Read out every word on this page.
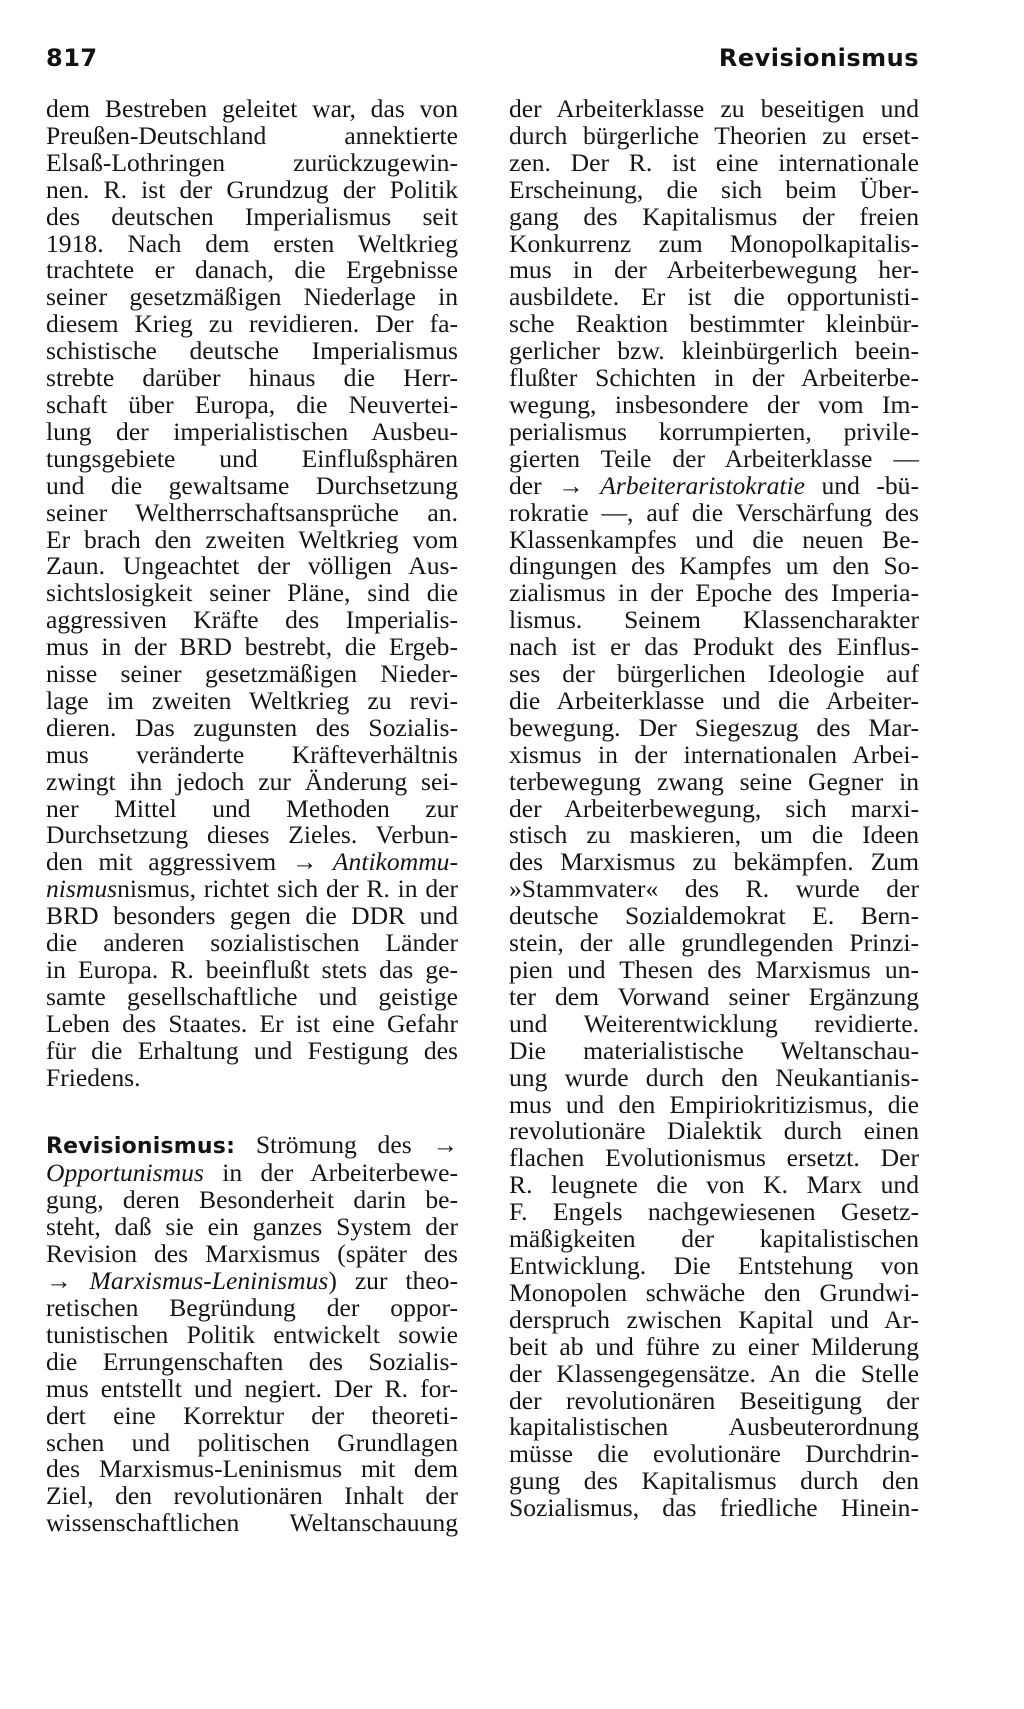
817	Revisionismus
dem Bestreben geleitet war, das von
Preußen-Deutschland annektierte
Elsaß-Lothringen zurückzugewin-
nen. R. ist der Grundzug der Politik
des deutschen Imperialismus seit
1918. Nach dem ersten Weltkrieg
trachtete er danach, die Ergebnisse
seiner gesetzmäßigen Niederlage in
diesem Krieg zu revidieren. Der fa-
schistische deutsche Imperialismus
strebte darüber hinaus die Herr-
schaft über Europa, die Neuvertei-
lung der imperialistischen Ausbeu-
tungsgebiete und Einflußsphären
und die gewaltsame Durchsetzung
seiner Weltherrschaftsansprüche an.
Er brach den zweiten Weltkrieg vom
Zaun. Ungeachtet der völligen Aus-
sichtslosigkeit seiner Pläne, sind die
aggressiven Kräfte des Imperialis-
mus in der BRD bestrebt, die Ergeb-
nisse seiner gesetzmäßigen Nieder-
lage im zweiten Weltkrieg zu revi-
dieren. Das zugunsten des Sozialis-
mus veränderte Kräfteverhältnis
zwingt ihn jedoch zur Änderung sei-
ner Mittel und Methoden zur
Durchsetzung dieses Zieles. Verbun-
den mit aggressivem → Antikommu-
nismusnismus, richtet sich der R. in der
BRD besonders gegen die DDR und
die anderen sozialistischen Länder
in Europa. R. beeinflußt stets das ge-
samte gesellschaftliche und geistige
Leben des Staates. Er ist eine Gefahr
für die Erhaltung und Festigung des
Friedens.
Revisionismus: Strömung des →
Opportunismus in der Arbeiterbewe-
gung, deren Besonderheit darin be-
steht, daß sie ein ganzes System der
Revision des Marxismus (später des
→ Marxismus-Leninismus) zur theo-
retischen Begründung der oppor-
tunistischen Politik entwickelt sowie
die Errungenschaften des Sozialis-
mus entstellt und negiert. Der R. for-
dert eine Korrektur der theoreti-
schen und politischen Grundlagen
des Marxismus-Leninismus mit dem
Ziel, den revolutionären Inhalt der
wissenschaftlichen Weltanschauung
der Arbeiterklasse zu beseitigen und
durch bürgerliche Theorien zu erset-
zen. Der R. ist eine internationale
Erscheinung, die sich beim Über-
gang des Kapitalismus der freien
Konkurrenz zum Monopolkapitalis-
mus in der Arbeiterbewegung her-
ausbildete. Er ist die opportunisti-
sche Reaktion bestimmter kleinbür-
gerlicher bzw. kleinbürgerlich beein-
flußter Schichten in der Arbeiterbe-
wegung, insbesondere der vom Im-
perialismus korrumpierten, privile-
gierten Teile der Arbeiterklasse —
der → Arbeiteraristokratie und -bü-
rokratie —, auf die Verschärfung des
Klassenkampfes und die neuen Be-
dingungen des Kampfes um den So-
zialismus in der Epoche des Imperia-
lismus. Seinem Klassencharakter
nach ist er das Produkt des Einflus-
ses der bürgerlichen Ideologie auf
die Arbeiterklasse und die Arbeiter-
bewegung. Der Siegeszug des Mar-
xismus in der internationalen Arbei-
terbewegung zwang seine Gegner in
der Arbeiterbewegung, sich marxi-
stisch zu maskieren, um die Ideen
des Marxismus zu bekämpfen. Zum
»Stammvater« des R. wurde der
deutsche Sozialdemokrat E. Bern-
stein, der alle grundlegenden Prinzi-
pien und Thesen des Marxismus un-
ter dem Vorwand seiner Ergänzung
und Weiterentwicklung revidierte.
Die materialistische Weltanschau-
ung wurde durch den Neukantianis-
mus und den Empiriokritizismus, die
revolutionäre Dialektik durch einen
flachen Evolutionismus ersetzt. Der
R. leugnete die von K. Marx und
F. Engels nachgewiesenen Gesetz-
mäßigkeiten der kapitalistischen
Entwicklung. Die Entstehung von
Monopolen schwäche den Grundwi-
derspruch zwischen Kapital und Ar-
beit ab und führe zu einer Milderung
der Klassengegensätze. An die Stelle
der revolutionären Beseitigung der
kapitalistischen Ausbeuterordnung
müsse die evolutionäre Durchdrin-
gung des Kapitalismus durch den
Sozialismus, das friedliche Hinein-
